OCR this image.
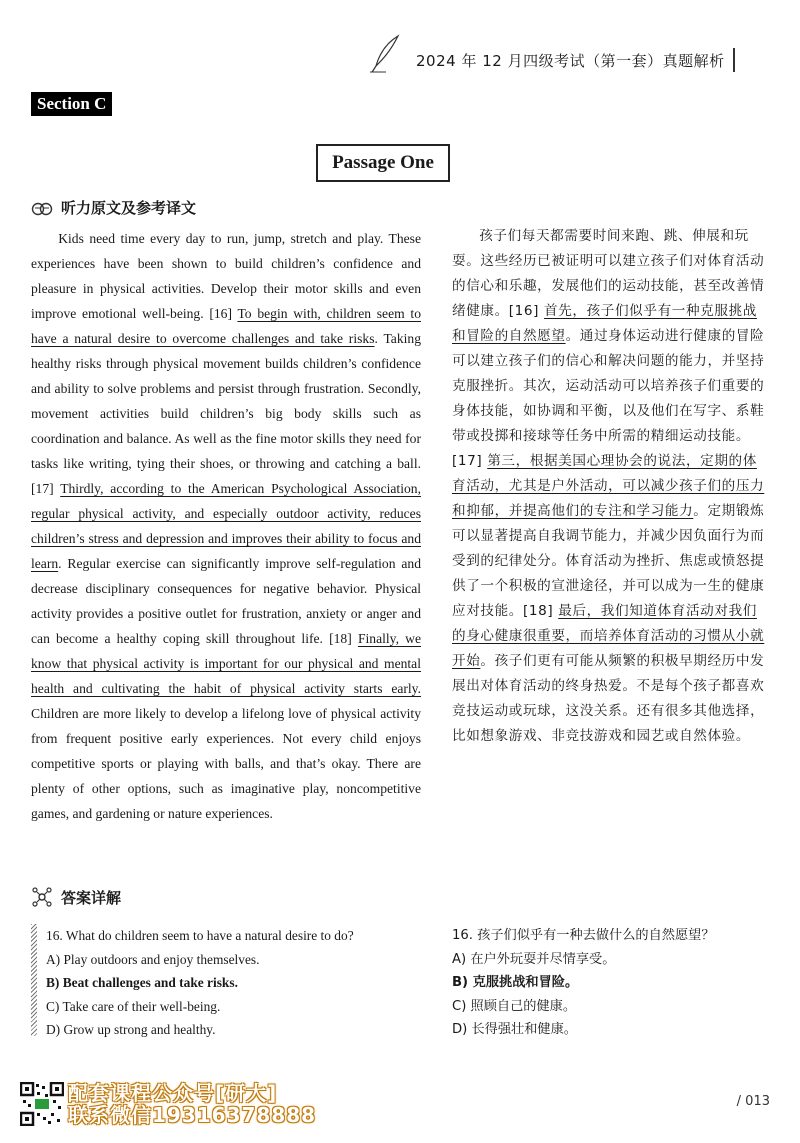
2024 年 12 月四级考试（第一套）真题解析
Section C
Passage One
听力原文及参考译文

Kids need time every day to run, jump, stretch and play. These experiences have been shown to build children’s confidence and pleasure in physical activities. Develop their motor skills and even improve emotional well-being. [16] To begin with, children seem to have a natural desire to overcome challenges and take risks. Taking healthy risks through physical movement builds children’s confidence and ability to solve problems and persist through frustration. Secondly, movement activities build children’s big body skills such as coordination and balance. As well as the fine motor skills they need for tasks like writing, tying their shoes, or throwing and catching a ball. [17] Thirdly, according to the American Psychological Association, regular physical activity, and especially outdoor activity, reduces children’s stress and depression and improves their ability to focus and learn. Regular exercise can significantly improve self-regulation and decrease disciplinary consequences for negative behavior. Physical activity provides a positive outlet for frustration, anxiety or anger and can become a healthy coping skill throughout life. [18] Finally, we know that physical activity is important for our physical and mental health and cultivating the habit of physical activity starts early. Children are more likely to develop a lifelong love of physical activity from frequent positive early experiences. Not every child enjoys competitive sports or playing with balls, and that’s okay. There are plenty of other options, such as imaginative play, noncompetitive games, and gardening or nature experiences.

孩子们每天都需要时间来跑、跳、伸展和玩耍。这些经历已被证明可以建立孩子们对体育活动的信心和乐趣，发展他们的运动技能，甚至改善情绪健康。[16] 首先，孩子们似乎有一种克服挑战和冒险的自然愿望。通过身体运动进行健康的冒险可以建立孩子们的信心和解决问题的能力，并坚持克服挫折。其次，运动活动可以培养孩子们重要的身体技能，如协调和平衡，以及他们在写字、系鞋带或投掷和接球等任务中所需的精细运动技能。[17] 第三，根据美国心理协会的说法，定期的体育活动，尤其是户外活动，可以减少孩子们的压力和抑郁，并提高他们的专注和学习能力。定期锻炼可以显著提高自我调节能力，并减少因负面行为而受到的纪律处分。体育活动为挫折、焦虑或愤怒提供了一个积极的宣泄途径，并可以成为一生的健康应对技能。[18] 最后，我们知道体育活动对我们的身心健康很重要，而培养体育活动的习惯从小就开始。孩子们更有可能从频繁的积极早期经历中发展出对体育活动的终身热爱。不是每个孩子都喜欢竞技运动或玩球，这没关系。还有很多其他选择，比如想象游戏、非竞技游戏和园艺或自然体验。

答案详解
16. What do children seem to have a natural desire to do?
A) Play outdoors and enjoy themselves.
B) Beat challenges and take risks.
C) Take care of their well-being.
D) Grow up strong and healthy.
16. 孩子们似乎有一种去做什么的自然愿望？
A) 在户外玩耍并尽情享受。
B) 克服挑战和冒险。
C) 照顾自己的健康。
D) 长得强壮和健康。
配套课程公众号[研大]
联系微信19316378888
/ 013
